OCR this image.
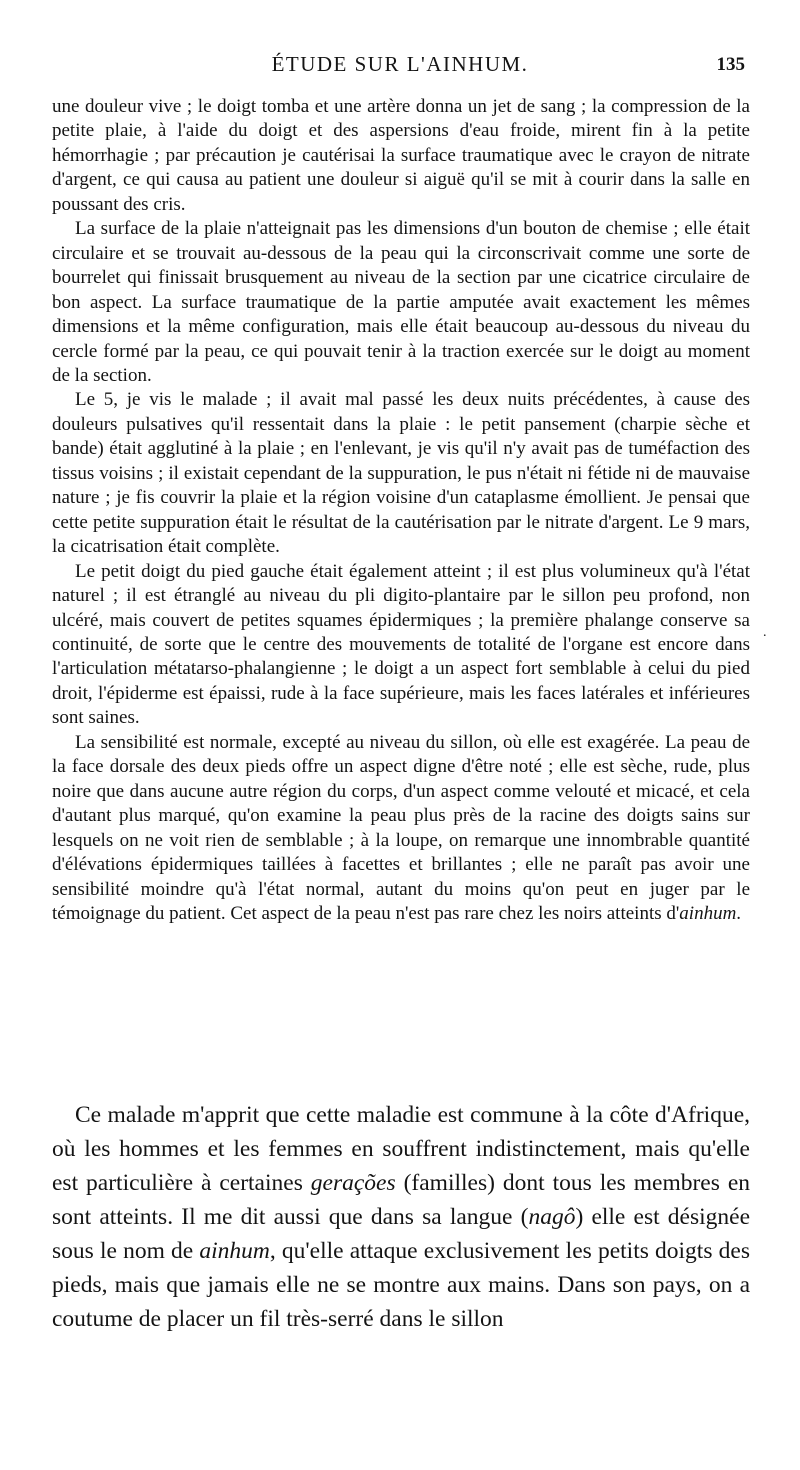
ÉTUDE SUR L'AINHUM.	135
.

une douleur vive ; le doigt tomba et une artère donna un jet de sang ; la compression de la petite plaie, à l'aide du doigt et des aspersions d'eau froide, mirent fin à la petite hémorrhagie ; par précaution je cautérisai la surface traumatique avec le crayon de nitrate d'argent, ce qui causa au patient une douleur si aiguë qu'il se mit à courir dans la salle en poussant des cris.

La surface de la plaie n'atteignait pas les dimensions d'un bouton de chemise ; elle était circulaire et se trouvait au-dessous de la peau qui la circonscrivait comme une sorte de bourrelet qui finissait brusquement au niveau de la section par une cicatrice circulaire de bon aspect. La surface traumatique de la partie amputée avait exactement les mêmes dimensions et la même configuration, mais elle était beaucoup au-dessous du niveau du cercle formé par la peau, ce qui pouvait tenir à la traction exercée sur le doigt au moment de la section.

Le 5, je vis le malade ; il avait mal passé les deux nuits précédentes, à cause des douleurs pulsatives qu'il ressentait dans la plaie : le petit pansement (charpie sèche et bande) était agglutiné à la plaie ; en l'enlevant, je vis qu'il n'y avait pas de tuméfaction des tissus voisins ; il existait cependant de la suppuration, le pus n'était ni fétide ni de mauvaise nature ; je fis couvrir la plaie et la région voisine d'un cataplasme émollient. Je pensai que cette petite suppuration était le résultat de la cautérisation par le nitrate d'argent. Le 9 mars, la cicatrisation était complète.

Le petit doigt du pied gauche était également atteint ; il est plus volumineux qu'à l'état naturel ; il est étranglé au niveau du pli digito-plantaire par le sillon peu profond, non ulcéré, mais couvert de petites squames épidermiques ; la première phalange conserve sa continuité, de sorte que le centre des mouvements de totalité de l'organe est encore dans l'articulation métatarso-phalangienne ; le doigt a un aspect fort semblable à celui du pied droit, l'épiderme est épaissi, rude à la face supérieure, mais les faces latérales et inférieures sont saines.

La sensibilité est normale, excepté au niveau du sillon, où elle est exagérée. La peau de la face dorsale des deux pieds offre un aspect digne d'être noté ; elle est sèche, rude, plus noire que dans aucune autre région du corps, d'un aspect comme velouté et micacé, et cela d'autant plus marqué, qu'on examine la peau plus près de la racine des doigts sains sur lesquels on ne voit rien de semblable ; à la loupe, on remarque une innombrable quantité d'élévations épidermiques taillées à facettes et brillantes ; elle ne paraît pas avoir une sensibilité moindre qu'à l'état normal, autant du moins qu'on peut en juger par le témoignage du patient. Cet aspect de la peau n'est pas rare chez les noirs atteints d'ainhum.

Ce malade m'apprit que cette maladie est commune à la côte d'Afrique, où les hommes et les femmes en souffrent indistinctement, mais qu'elle est particulière à certaines gerações (familles) dont tous les membres en sont atteints. Il me dit aussi que dans sa langue (nagô) elle est désignée sous le nom de ainhum, qu'elle attaque exclusivement les petits doigts des pieds, mais que jamais elle ne se montre aux mains. Dans son pays, on a coutume de placer un fil très-serré dans le sillon
